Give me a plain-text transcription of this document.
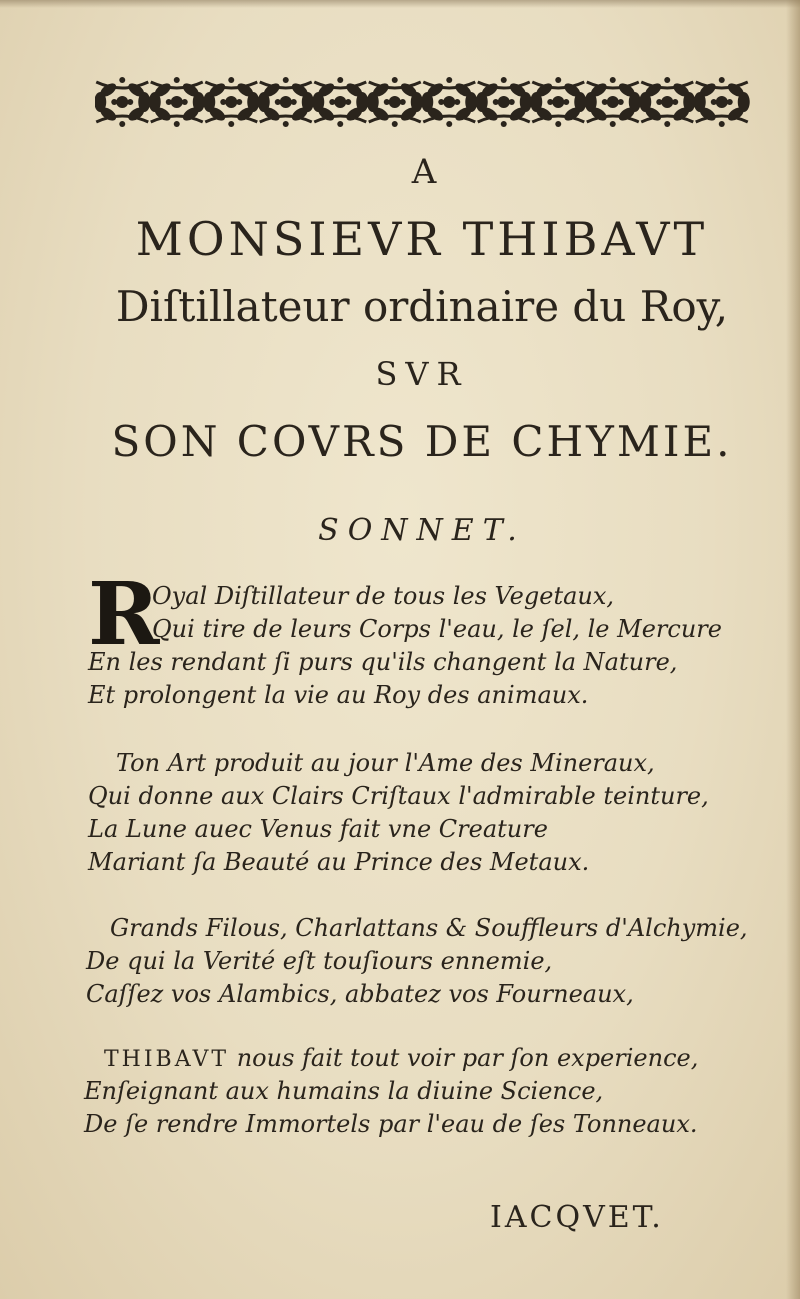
A
MONSIEVR THIBAVT
Diſtillateur ordinaire du Roy,
SVR
SON COVRS DE CHYMIE.
SONNET.
R
Oyal Diſtillateur de tous les Vegetaux,
Qui tire de leurs Corps l'eau, le ſel, le Mercure
En les rendant ſi purs qu'ils changent la Nature,
Et prolongent la vie au Roy des animaux.
Ton Art produit au jour l'Ame des Mineraux,
Qui donne aux Clairs Criſtaux l'admirable teinture,
La Lune auec Venus fait vne Creature
Mariant ſa Beauté au Prince des Metaux.
Grands Filous, Charlattans & Souffleurs d'Alchymie,
De qui la Verité eſt touſiours ennemie,
Caſſez vos Alambics, abbatez vos Fourneaux,
THIBAVT nous fait tout voir par ſon experience,
Enſeignant aux humains la diuine Science,
De ſe rendre Immortels par l'eau de ſes Tonneaux.
IACQVET.
